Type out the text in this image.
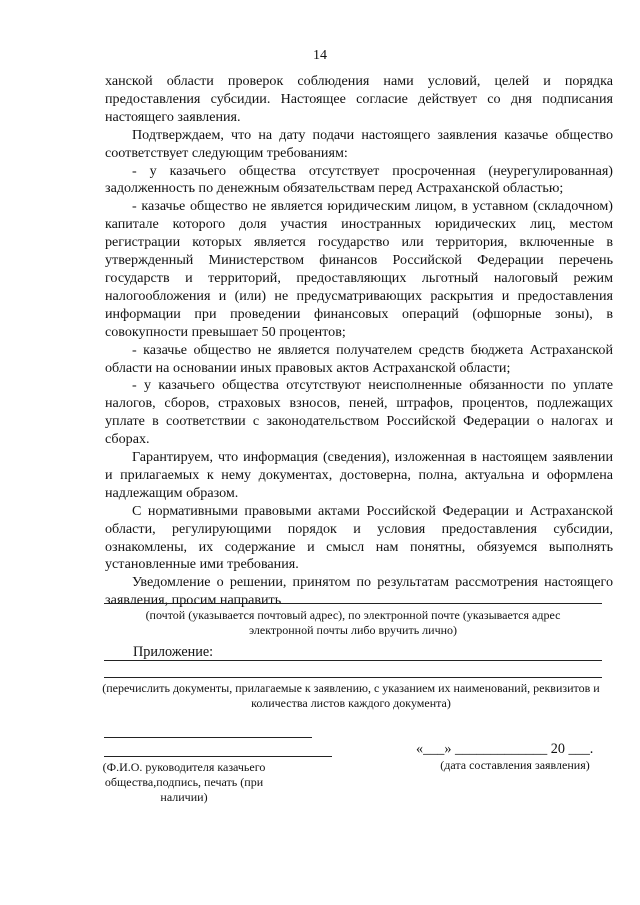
14

ханской области проверок соблюдения нами условий, целей и порядка предоставления субсидии. Настоящее согласие действует со дня подписания настоящего заявления.

Подтверждаем, что на дату подачи настоящего заявления казачье общество соответствует следующим требованиям:

- у казачьего общества отсутствует просроченная (неурегулированная) задолженность по денежным обязательствам перед Астраханской областью;

- казачье общество не является юридическим лицом, в уставном (складочном) капитале которого доля участия иностранных юридических лиц, местом регистрации которых является государство или территория, включенные в утвержденный Министерством финансов Российской Федерации перечень государств и территорий, предоставляющих льготный налоговый режим налогообложения и (или) не предусматривающих раскрытия и предоставления информации при проведении финансовых операций (офшорные зоны), в совокупности превышает 50 процентов;

- казачье общество не является получателем средств бюджета Астраханской области на основании иных правовых актов Астраханской области;

- у казачьего общества отсутствуют неисполненные обязанности по уплате налогов, сборов, страховых взносов, пеней, штрафов, процентов, подлежащих уплате в соответствии с законодательством Российской Федерации о налогах и сборах.

Гарантируем, что информация (сведения), изложенная в настоящем заявлении и прилагаемых к нему документах, достоверна, полна, актуальна и оформлена надлежащим образом.

С нормативными правовыми актами Российской Федерации и Астраханской области, регулирующими порядок и условия предоставления субсидии, ознакомлены, их содержание и смысл нам понятны, обязуемся выполнять установленные ими требования.

Уведомление о решении, принятом по результатам рассмотрения настоящего заявления, просим направить

(почтой (указывается почтовый адрес), по электронной почте (указывается адрес электронной почты либо вручить лично)
Приложение:
(перечислить документы, прилагаемые к заявлению, с указанием их наименований, реквизитов и количества листов каждого документа)
(Ф.И.О. руководителя казачьего общества,подпись, печать (при наличии)
«___» _____________ 20 ___.
(дата составления заявления)
